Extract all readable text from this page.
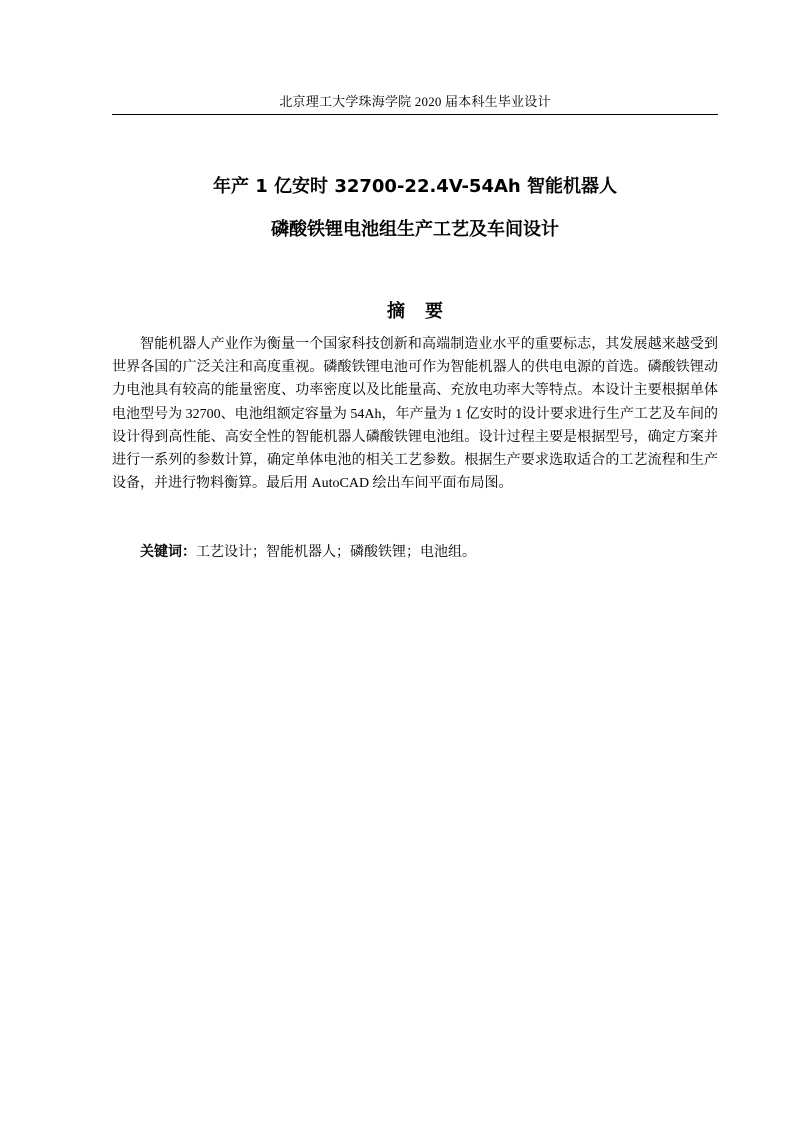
北京理工大学珠海学院 2020 届本科生毕业设计
年产 1 亿安时 32700-22.4V-54Ah 智能机器人
磷酸铁锂电池组生产工艺及车间设计
摘要

智能机器人产业作为衡量一个国家科技创新和高端制造业水平的重要标志，其发展越来越受到世界各国的广泛关注和高度重视。磷酸铁锂电池可作为智能机器人的供电电源的首选。磷酸铁锂动力电池具有较高的能量密度、功率密度以及比能量高、充放电功率大等特点。本设计主要根据单体电池型号为 32700、电池组额定容量为 54Ah，年产量为 1 亿安时的设计要求进行生产工艺及车间的设计得到高性能、高安全性的智能机器人磷酸铁锂电池组。设计过程主要是根据型号，确定方案并进行一系列的参数计算，确定单体电池的相关工艺参数。根据生产要求选取适合的工艺流程和生产设备，并进行物料衡算。最后用 AutoCAD 绘出车间平面布局图。

关键词：工艺设计；智能机器人；磷酸铁锂；电池组。
